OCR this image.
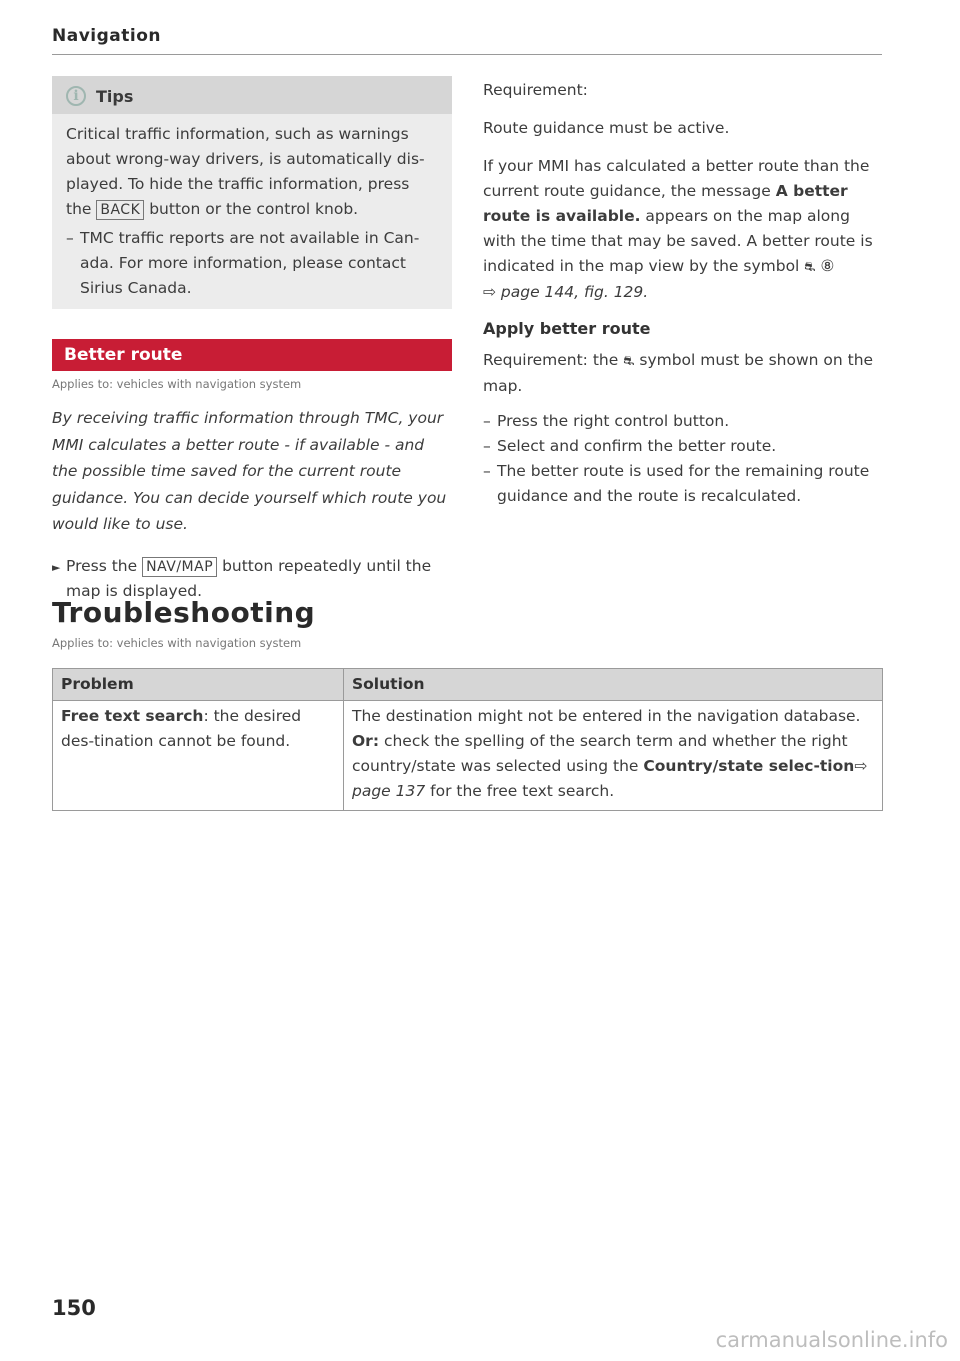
Navigation
i	Tips

Critical traffic information, such as warnings about wrong-way drivers, is automatically dis-played. To hide the traffic information, press the BACK button or the control knob.

– TMC traffic reports are not available in Can-ada. For more information, please contact Sirius Canada.
Better route
Applies to: vehicles with navigation system
By receiving traffic information through TMC, your MMI calculates a better route - if available - and the possible time saved for the current route guidance. You can decide yourself which route you would like to use.
► Press the NAV/MAP button repeatedly until the map is displayed.

Requirement:

Route guidance must be active.

If your MMI has calculated a better route than the current route guidance, the message A better route is available. appears on the map along with the time that may be saved. A better route is indicated in the map view by the symbol ⛐ ⑧
⇨ page 144, fig. 129.

Apply better route

Requirement: the ⛐ symbol must be shown on the map.

– Press the right control button.
– Select and confirm the better route.
– The better route is used for the remaining route guidance and the route is recalculated.
Troubleshooting
Applies to: vehicles with navigation system
Problem	Solution
Free text search: the desired des-tination cannot be found.	The destination might not be entered in the navigation database. Or: check the spelling of the search term and whether the right country/state was selected using the Country/state selec-tion⇨ page 137 for the free text search.
150
carmanualsonline.info
